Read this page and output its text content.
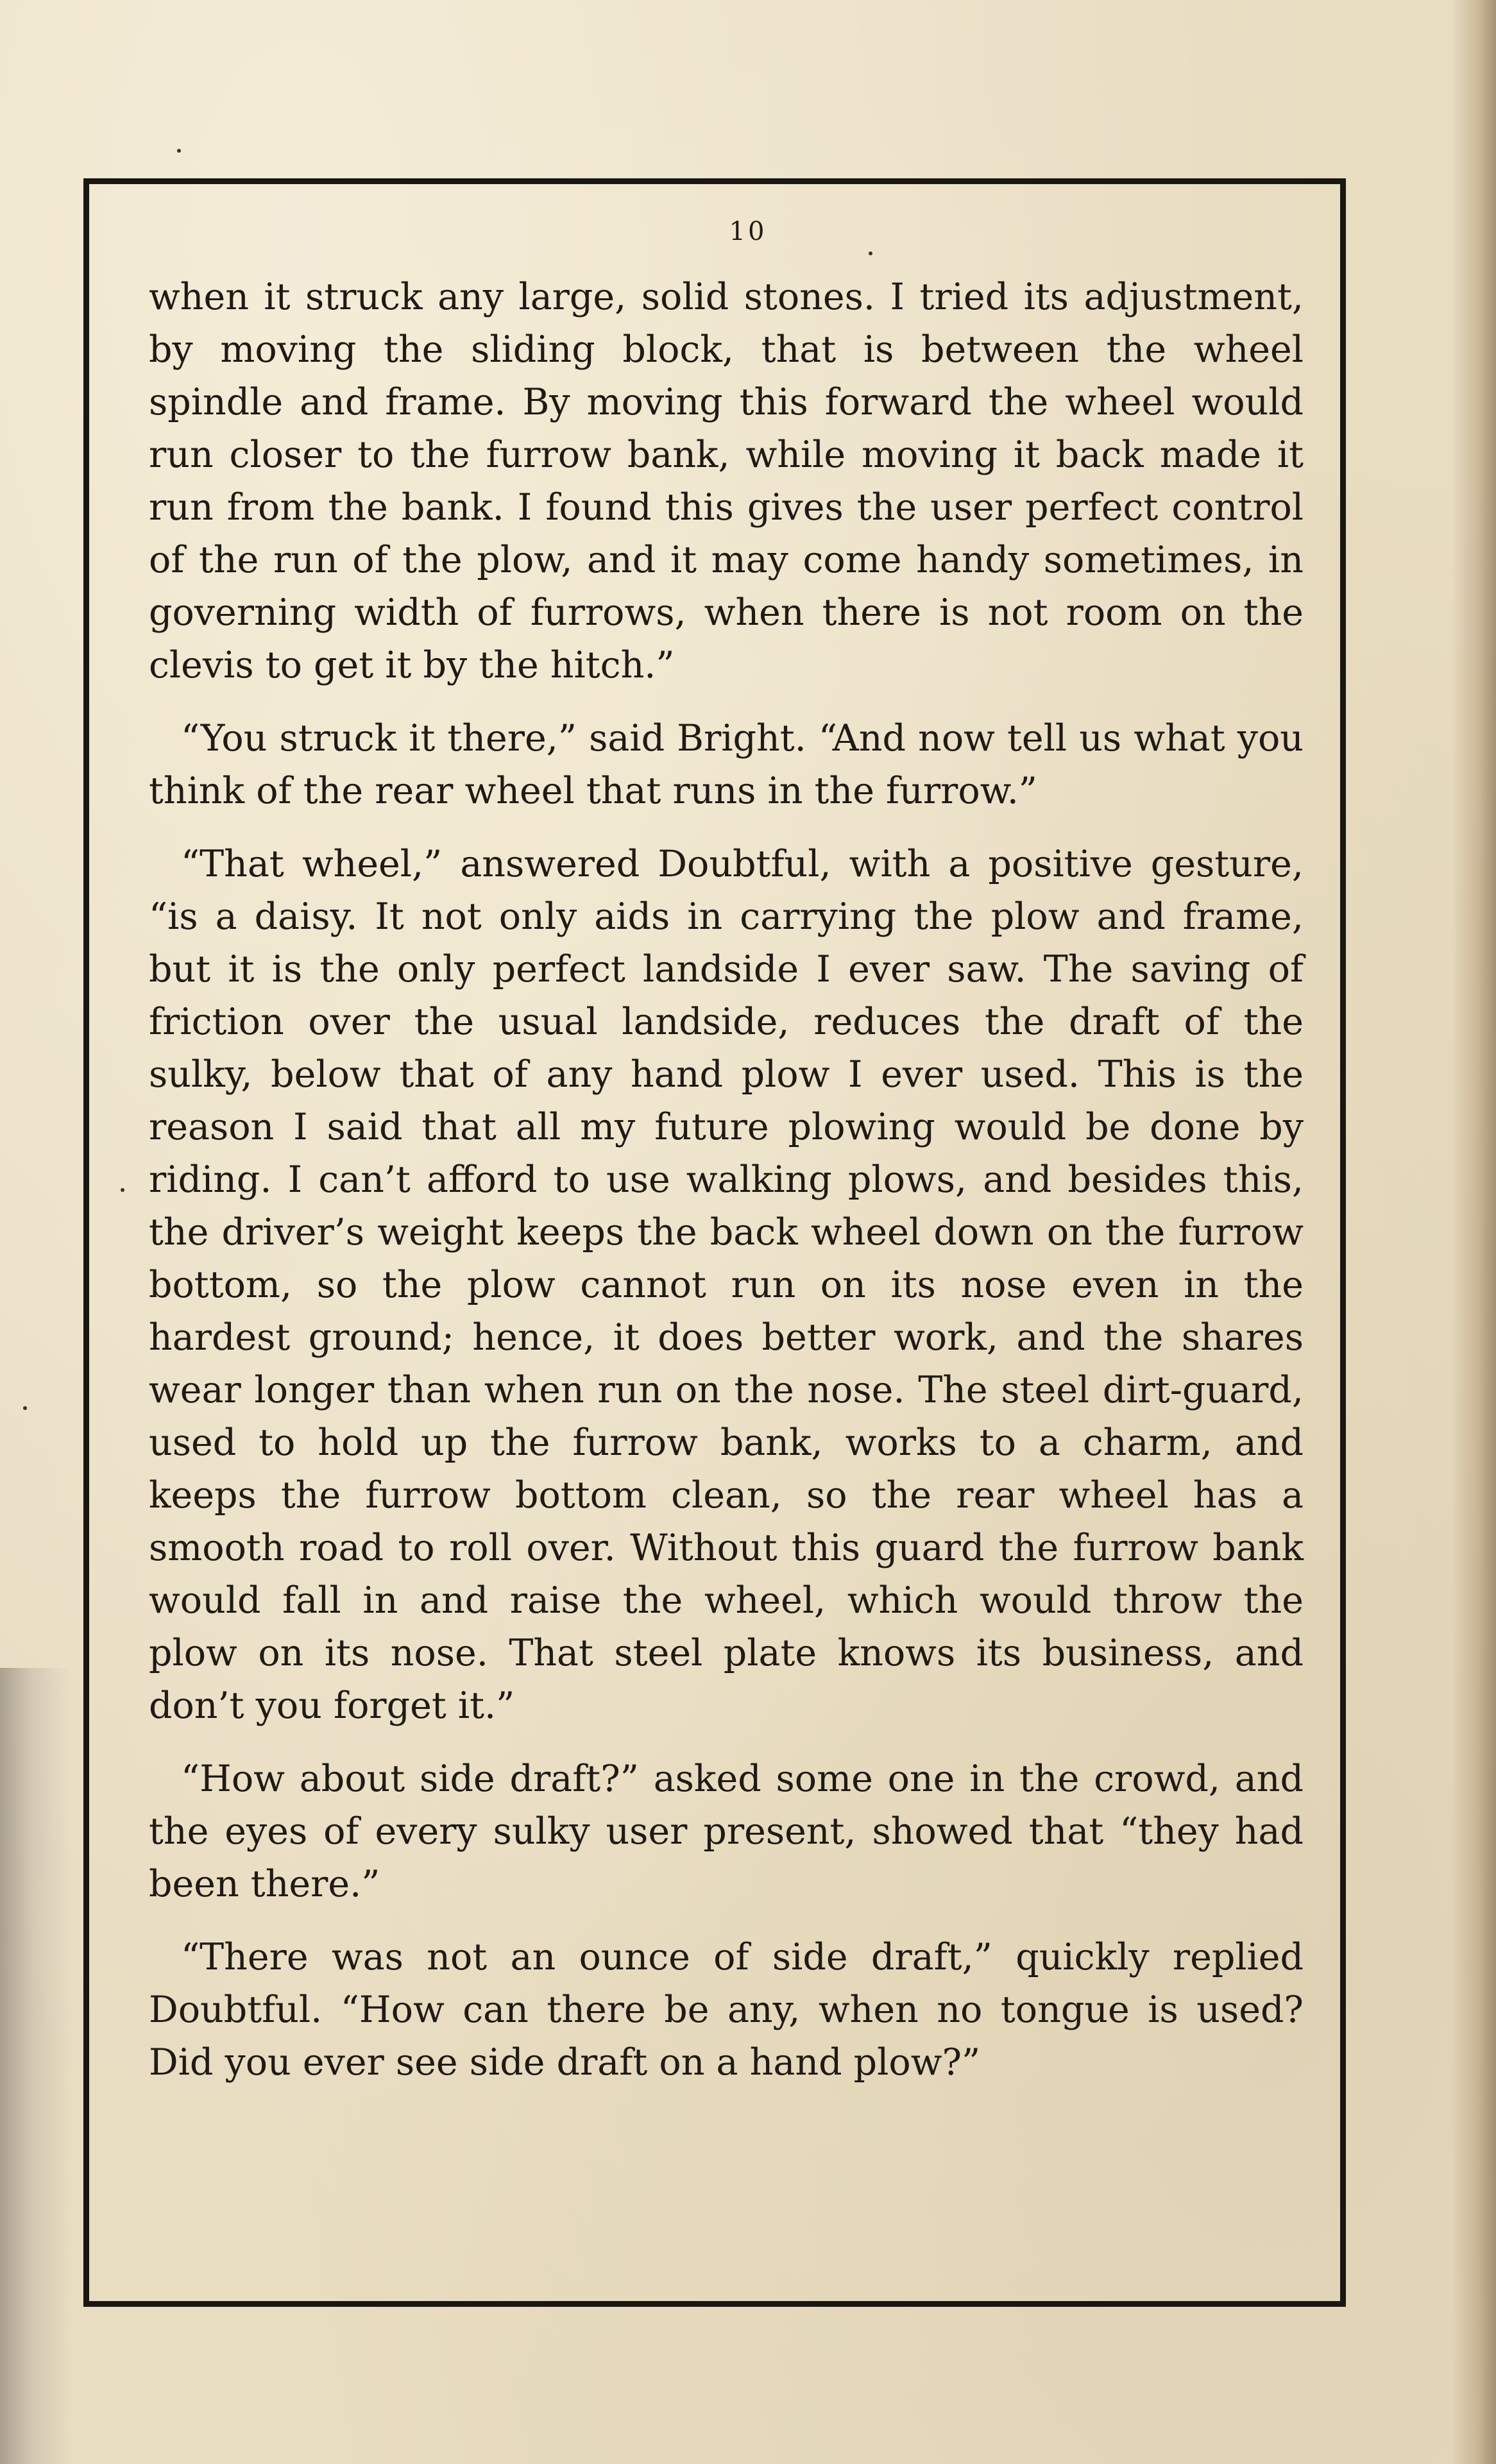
10

when it struck any large, solid stones. I tried its adjustment, by moving the sliding block, that is between the wheel spindle and frame. By moving this forward the wheel would run closer to the furrow bank, while moving it back made it run from the bank. I found this gives the user perfect control of the run of the plow, and it may come handy sometimes, in governing width of furrows, when there is not room on the clevis to get it by the hitch.”

“You struck it there,” said Bright. “And now tell us what you think of the rear wheel that runs in the furrow.”

“That wheel,” answered Doubtful, with a positive gesture, “is a daisy. It not only aids in carrying the plow and frame, but it is the only perfect landside I ever saw. The saving of friction over the usual landside, reduces the draft of the sulky, below that of any hand plow I ever used. This is the reason I said that all my future plowing would be done by riding. I can’t afford to use walking plows, and besides this, the driver’s weight keeps the back wheel down on the furrow bottom, so the plow cannot run on its nose even in the hardest ground; hence, it does better work, and the shares wear longer than when run on the nose. The steel dirt-guard, used to hold up the furrow bank, works to a charm, and keeps the furrow bottom clean, so the rear wheel has a smooth road to roll over. Without this guard the furrow bank would fall in and raise the wheel, which would throw the plow on its nose. That steel plate knows its business, and don’t you forget it.”

“How about side draft?” asked some one in the crowd, and the eyes of every sulky user present, showed that “they had been there.”

“There was not an ounce of side draft,” quickly replied Doubtful. “How can there be any, when no tongue is used? Did you ever see side draft on a hand plow?”
